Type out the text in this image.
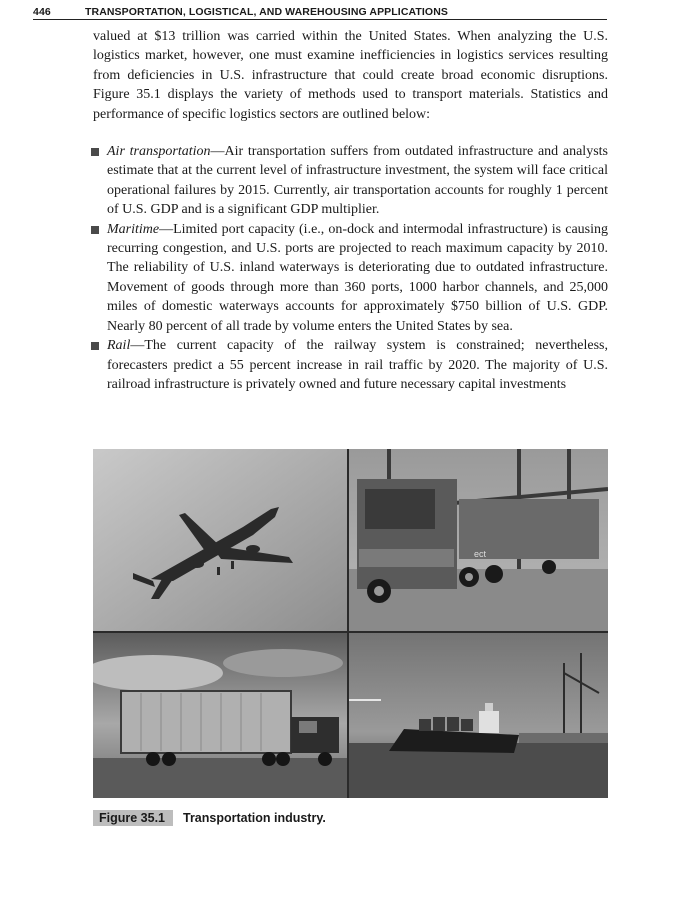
446	TRANSPORTATION, LOGISTICAL, AND WAREHOUSING APPLICATIONS

valued at $13 trillion was carried within the United States. When analyzing the U.S. logistics market, however, one must examine inefficiencies in logistics services resulting from deficiencies in U.S. infrastructure that could create broad economic disruptions. Figure 35.1 displays the variety of methods used to transport materials. Statistics and performance of specific logistics sectors are outlined below:

Air transportation—Air transportation suffers from outdated infrastructure and analysts estimate that at the current level of infrastructure investment, the system will face critical operational failures by 2015. Currently, air transportation accounts for roughly 1 percent of U.S. GDP and is a significant GDP multiplier.
Maritime—Limited port capacity (i.e., on-dock and intermodal infrastructure) is causing recurring congestion, and U.S. ports are projected to reach maximum capacity by 2010. The reliability of U.S. inland waterways is deteriorating due to outdated infrastructure. Movement of goods through more than 360 ports, 1000 harbor channels, and 25,000 miles of domestic waterways accounts for approximately $750 billion of U.S. GDP. Nearly 80 percent of all trade by volume enters the United States by sea.
Rail—The current capacity of the railway system is constrained; nevertheless, forecasters predict a 55 percent increase in rail traffic by 2020. The majority of U.S. railroad infrastructure is privately owned and future necessary capital investments
ect
Figure 35.1 Transportation industry.
